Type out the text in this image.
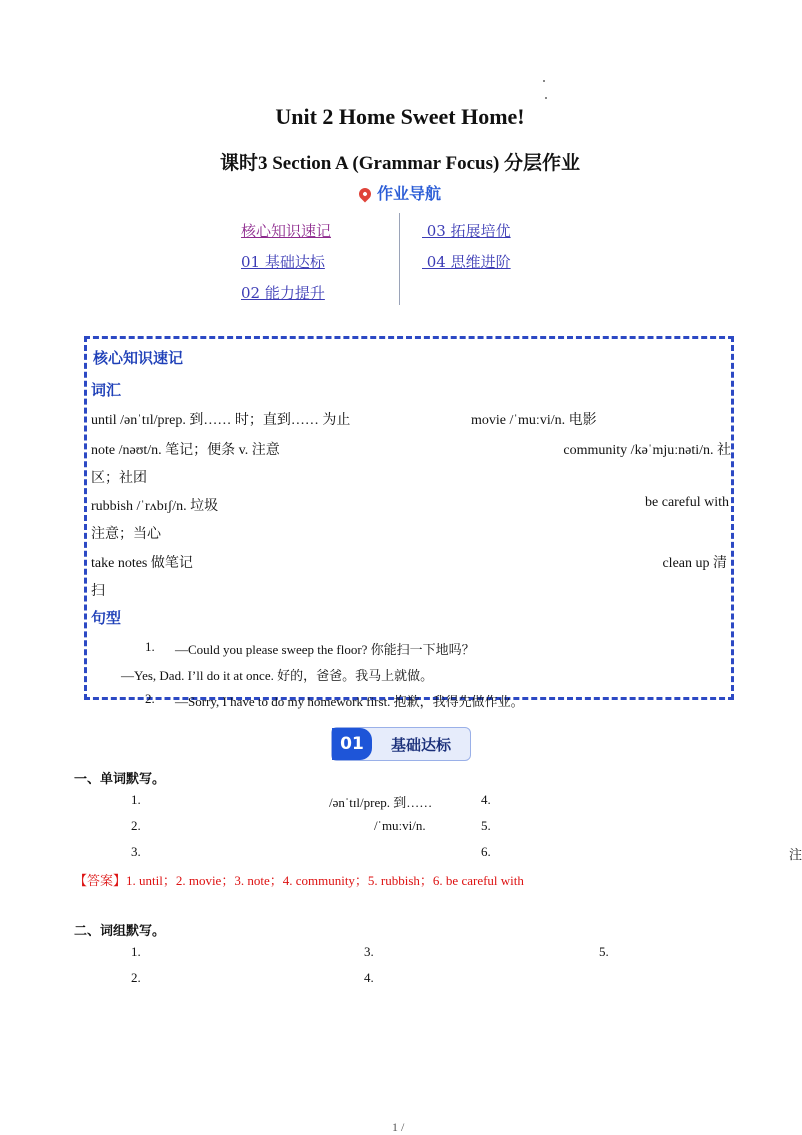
Unit 2 Home Sweet Home!
课时3 Section A (Grammar Focus) 分层作业
作业导航
核心知识速记
01 基础达标
02 能力提升
03 拓展培优
04 思维进阶
核心知识速记
词汇
until /ənˈtɪl/prep. 到…… 时；直到…… 为止	movie /ˈmuːvi/n. 电影
note /nəʊt/n. 笔记；便条 v. 注意	community /kəˈmjuːnəti/n. 社
区；社团
rubbish /ˈrʌbɪʃ/n. 垃圾	be careful with
注意；当心
take notes 做笔记	clean up 清
扫
句型
1. —Could you please sweep the floor? 你能扫一下地吗？
—Yes, Dad. I’ll do it at once. 好的，爸爸。我马上就做。
2. —Sorry, I have to do my homework first. 抱歉，我得先做作业。
01	基础达标
一、单词默写。
1.	/ənˈtɪl/prep. 到……	4.
2.	/ˈmuːvi/n.	5.
3.	6.	注
【答案】1. until；2. movie；3. note；4. community；5. rubbish；6. be careful with
二、词组默写。
1.	3.	5.
2.	4.
1 /
